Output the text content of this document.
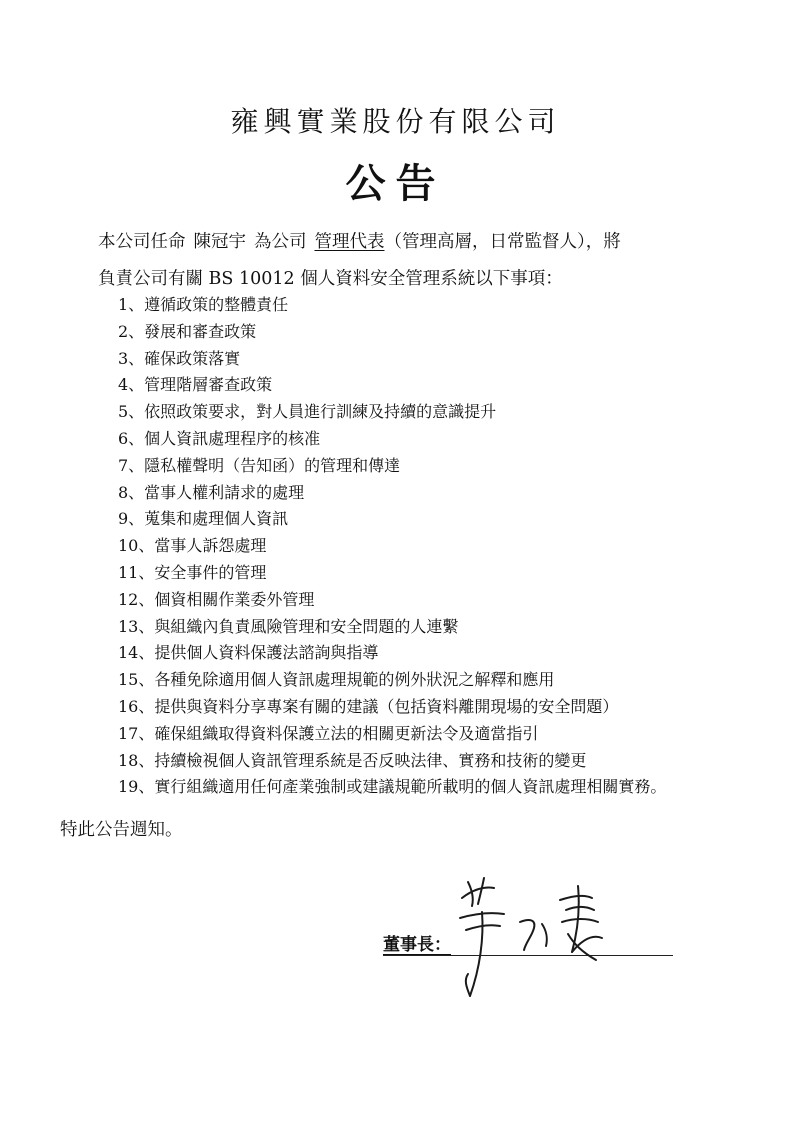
雍興實業股份有限公司
公告
本公司任命 陳冠宇 為公司 管理代表（管理高層，日常監督人），將
負責公司有關 BS 10012 個人資料安全管理系統以下事項：
1、遵循政策的整體責任
2、發展和審查政策
3、確保政策落實
4、管理階層審查政策
5、依照政策要求，對人員進行訓練及持續的意識提升
6、個人資訊處理程序的核准
7、隱私權聲明（告知函）的管理和傳達
8、當事人權利請求的處理
9、蒐集和處理個人資訊
10、當事人訴怨處理
11、安全事件的管理
12、個資相關作業委外管理
13、與組織內負責風險管理和安全問題的人連繫
14、提供個人資料保護法諮詢與指導
15、各種免除適用個人資訊處理規範的例外狀況之解釋和應用
16、提供與資料分享專案有關的建議（包括資料離開現場的安全問題）
17、確保組織取得資料保護立法的相關更新法令及適當指引
18、持續檢視個人資訊管理系統是否反映法律、實務和技術的變更
19、實行組織適用任何產業強制或建議規範所載明的個人資訊處理相關實務。
特此公告週知。
董事長：
